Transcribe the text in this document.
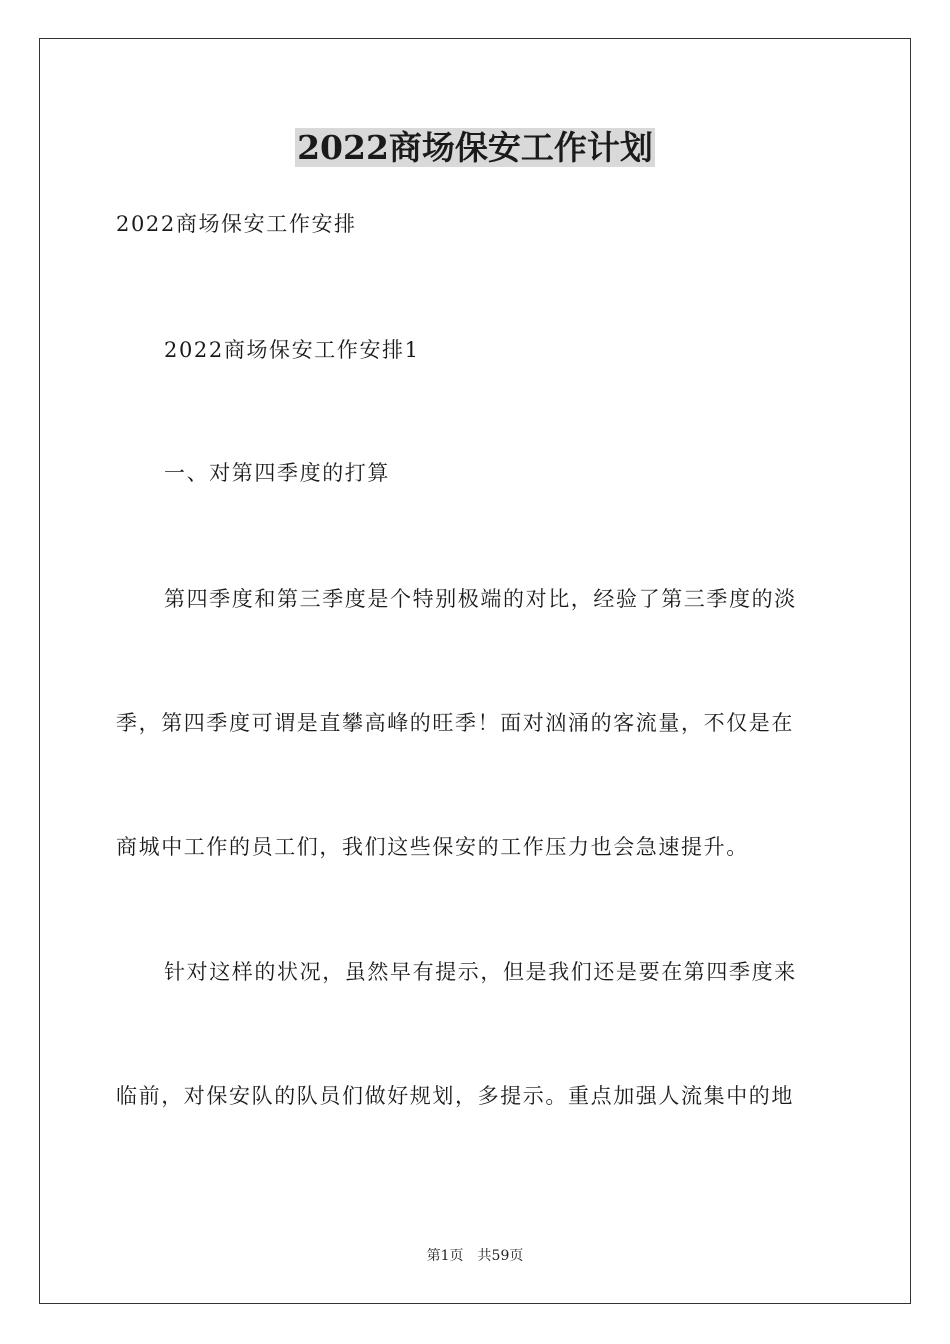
2022商场保安工作计划
2022商场保安工作安排
2022商场保安工作安排1
一、对第四季度的打算
第四季度和第三季度是个特别极端的对比，经验了第三季度的淡
季，第四季度可谓是直攀高峰的旺季！面对汹涌的客流量，不仅是在
商城中工作的员工们，我们这些保安的工作压力也会急速提升。
针对这样的状况，虽然早有提示，但是我们还是要在第四季度来
临前，对保安队的队员们做好规划，多提示。重点加强人流集中的地
第1页　共59页
